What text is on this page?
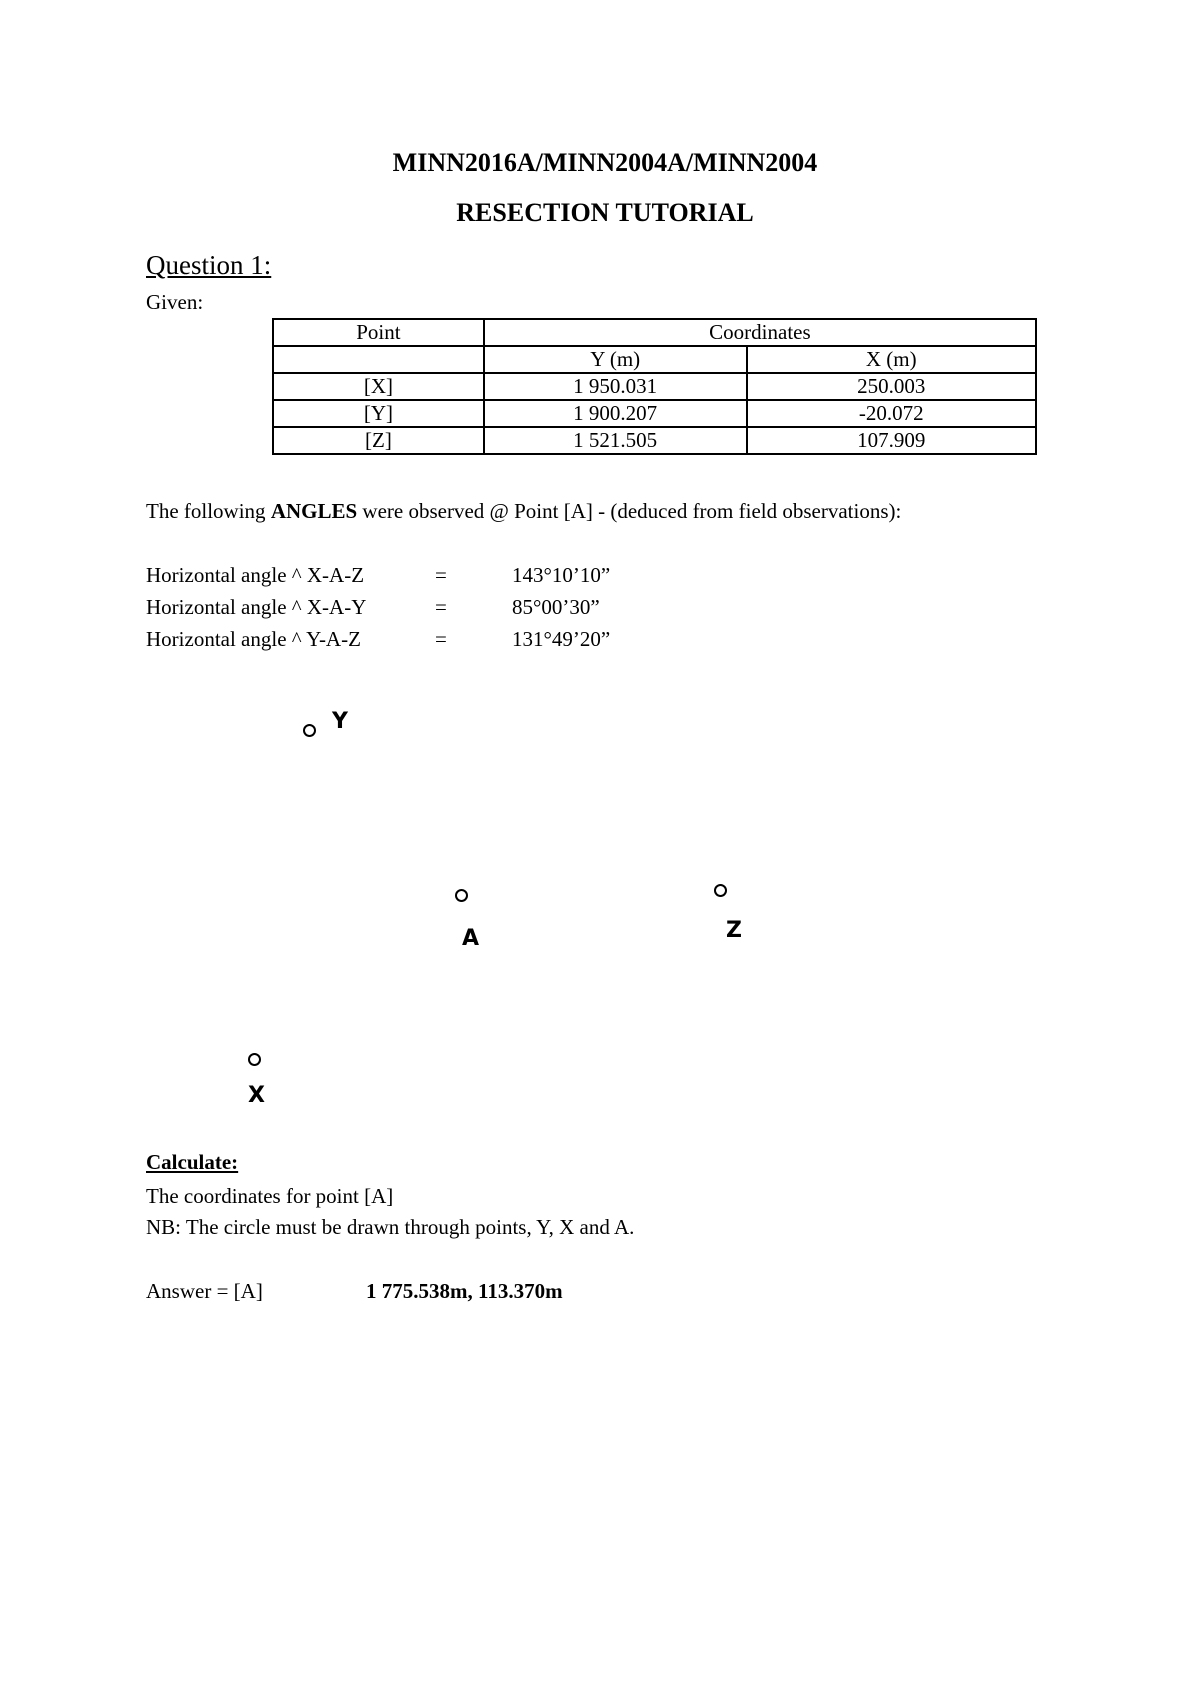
MINN2016A/MINN2004A/MINN2004
RESECTION TUTORIAL
Question 1:
Given:
Point	Coordinates	
	Y (m)	X (m)
[X]	1 950.031	250.003
[Y]	1 900.207	-20.072
[Z]	1 521.505	107.909
The following ANGLES were observed @ Point [A] - (deduced from field observations):
Horizontal angle ^ X-A-Z	=	143°10’10”
Horizontal angle ^ X-A-Y	=	85°00’30”
Horizontal angle ^ Y-A-Z	=	131°49’20”
Y
A	Z
X
Calculate:
The coordinates for point [A]
NB: The circle must be drawn through points, Y, X and A.
Answer = [A]	1 775.538m, 113.370m
